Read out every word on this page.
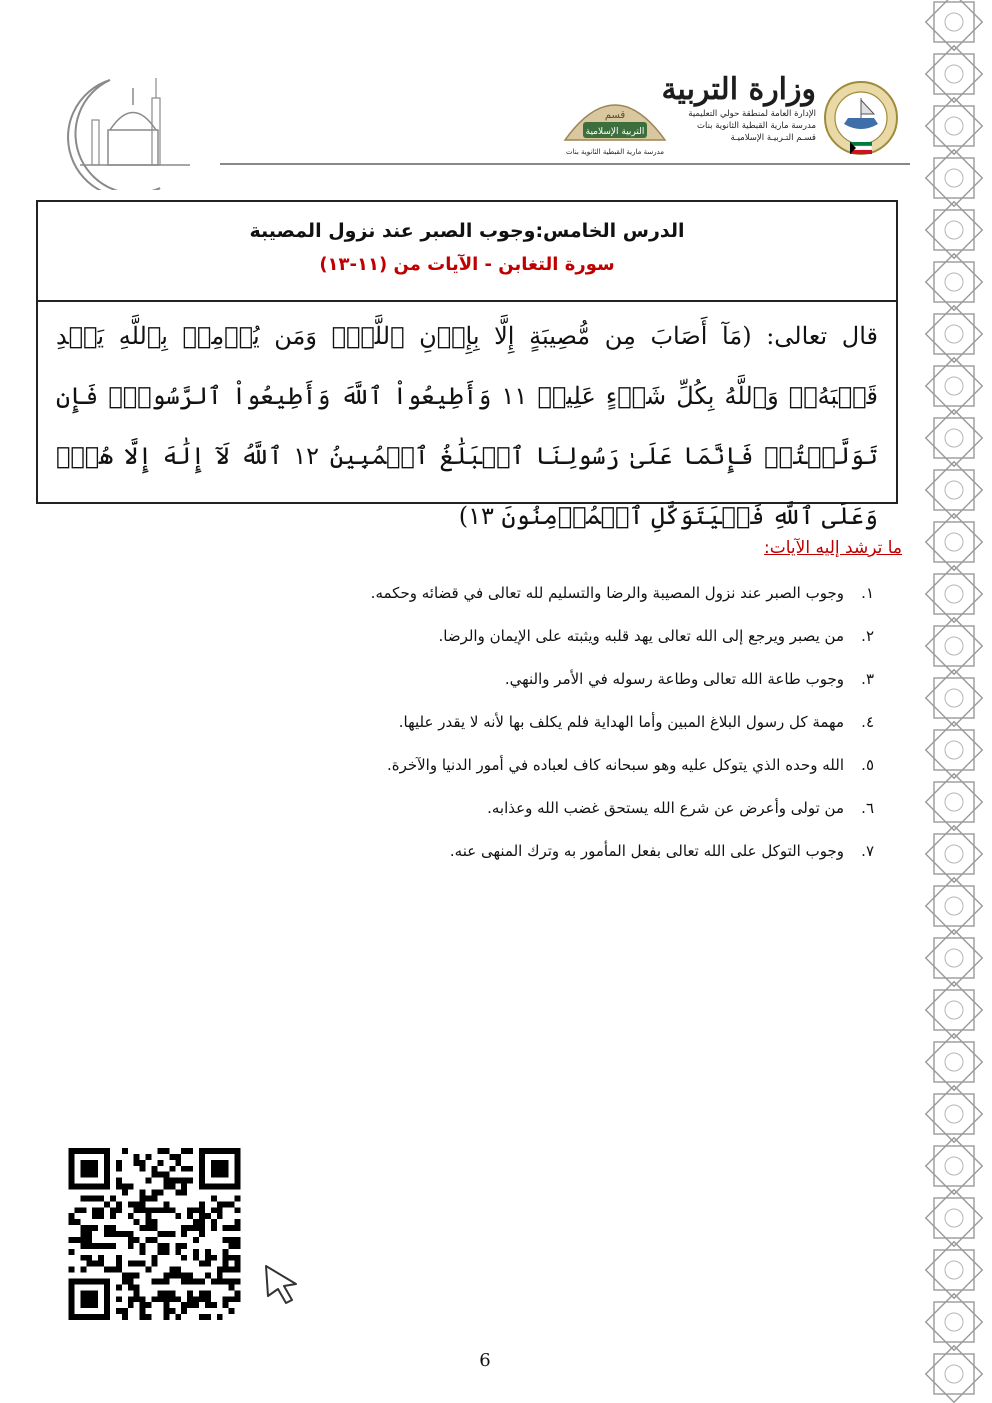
قسم
التربية الإسلامية
مدرسة مارية القبطية الثانوية بنات
وزارة التربية
الإدارة العامة لمنطقة حولي التعليمية
مدرسة مارية القبطية الثانوية بنات
قسـم التـربيـة الإسلاميـة
الدرس الخامس:وجوب الصبر عند نزول المصيبة
سورة التغابن - الآيات من (١١-١٣)
قال تعالى: (مَآ أَصَابَ مِن مُّصِيبَةٍ إِلَّا بِإِذۡنِ ٱللَّهِۗ وَمَن يُؤۡمِنۢ بِٱللَّهِ يَهۡدِ قَلۡبَهُۥۚ وَٱللَّهُ بِكُلِّ شَيۡءٍ عَلِيمٞ ١١ وَأَطِيعُواْ ٱللَّهَ وَأَطِيعُواْ ٱلرَّسُولَۚ فَإِن تَوَلَّيۡتُمۡ فَإِنَّمَا عَلَىٰ رَسُولِنَا ٱلۡبَلَٰغُ ٱلۡمُبِينُ ١٢ ٱللَّهُ لَآ إِلَٰهَ إِلَّا هُوَۚ وَعَلَى ٱللَّهِ فَلۡيَتَوَكَّلِ ٱلۡمُؤۡمِنُونَ ١٣)
ما ترشد إليه الآيات:
١.وجوب الصبر عند نزول المصيبة والرضا والتسليم لله تعالى في قضائه وحكمه.
٢.من يصبر ويرجع إلى الله تعالى يهد قلبه ويثبته على الإيمان والرضا.
٣.وجوب طاعة الله تعالى وطاعة رسوله في الأمر والنهي.
٤.مهمة كل رسول البلاغ المبين وأما الهداية فلم يكلف بها لأنه لا يقدر عليها.
٥.الله وحده الذي يتوكل عليه وهو سبحانه كاف لعباده في أمور الدنيا والآخرة.
٦.من تولى وأعرض عن شرع الله يستحق غضب الله وعذابه.
٧.وجوب التوكل على الله تعالى بفعل المأمور به وترك المنهى عنه.
6
